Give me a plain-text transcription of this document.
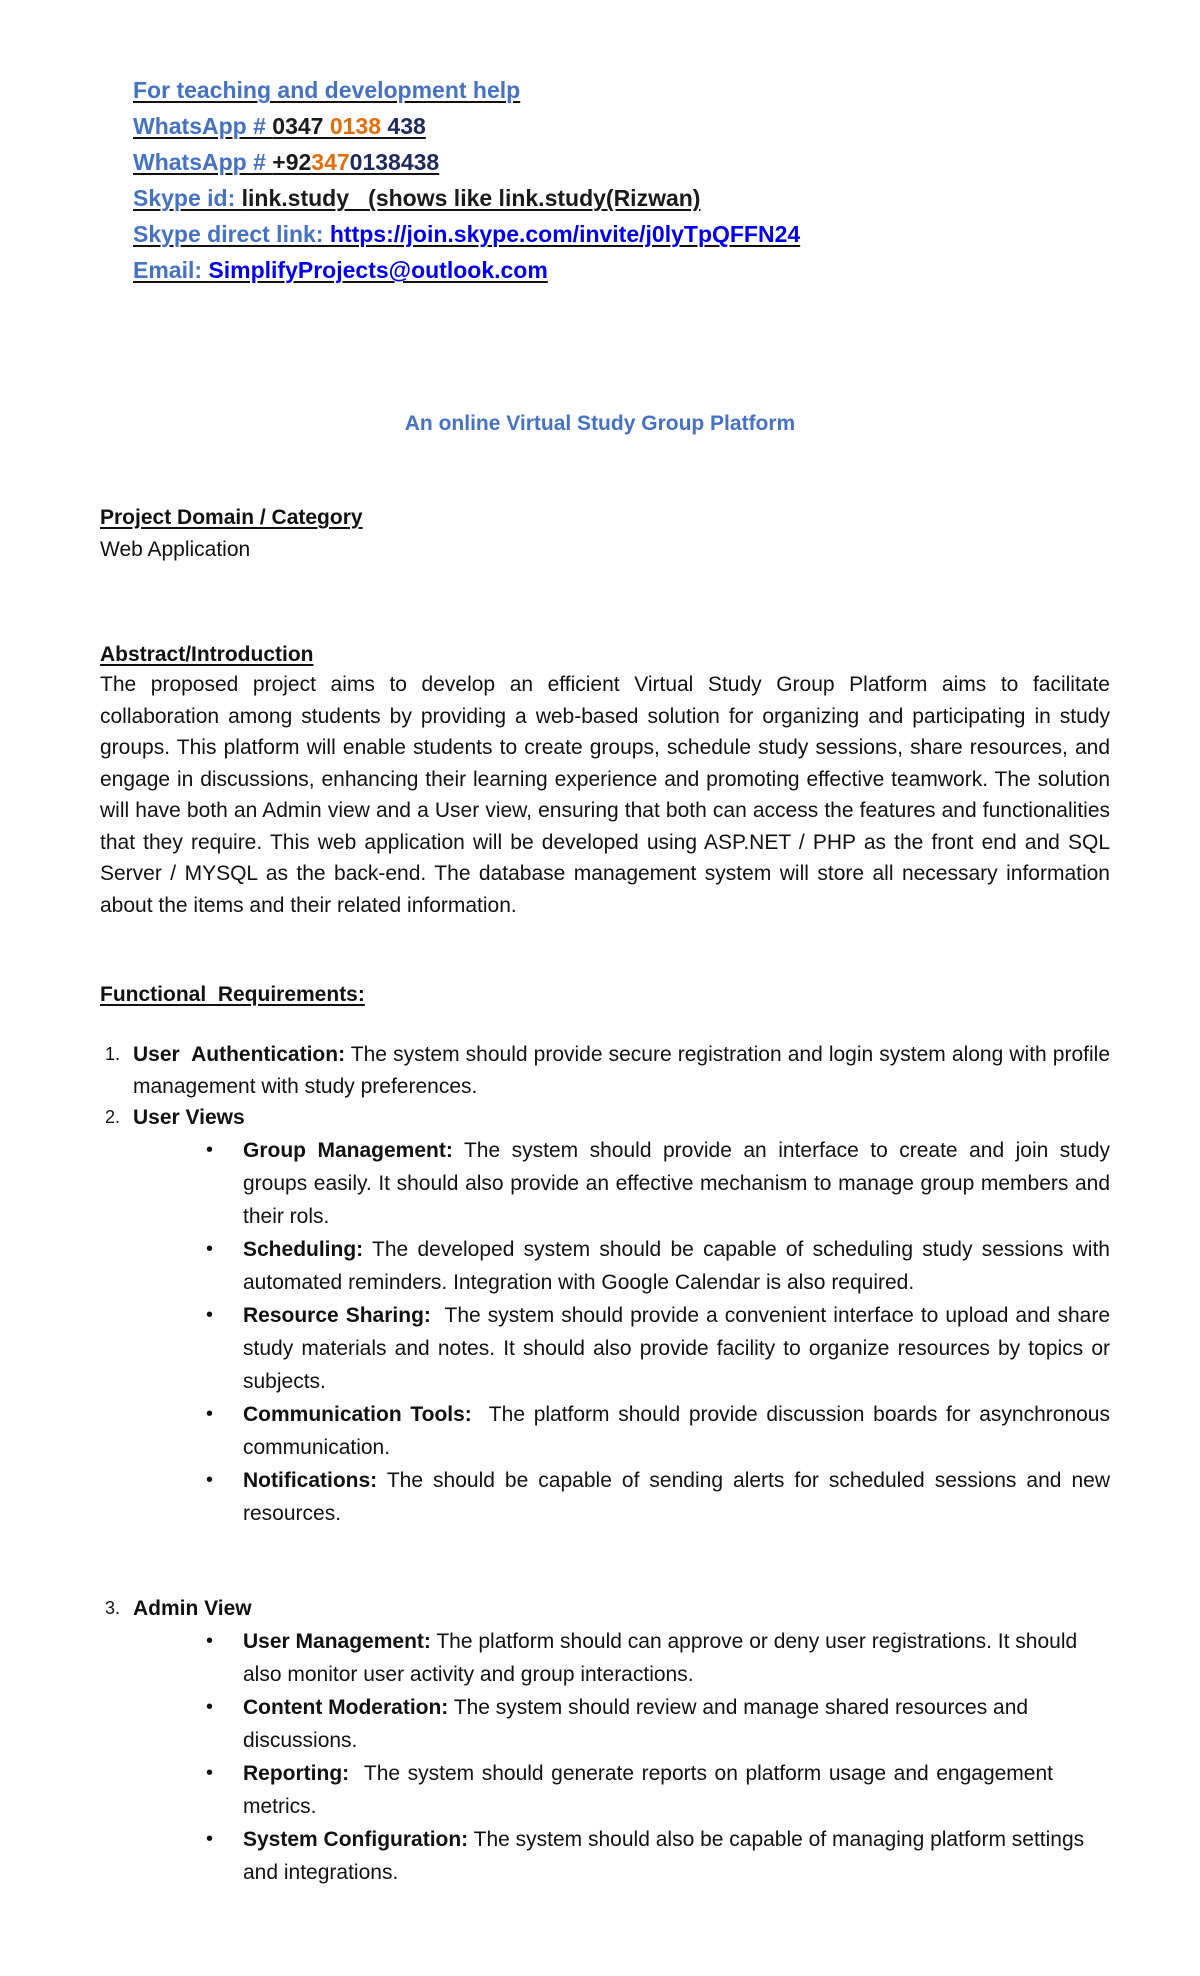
For teaching and development help
WhatsApp # 0347 0138 438
WhatsApp # +923470138438
Skype id: link.study   (shows like link.study(Rizwan)
Skype direct link: https://join.skype.com/invite/j0lyTpQFFN24
Email: SimplifyProjects@outlook.com
An online Virtual Study Group Platform
Project Domain / Category
Web Application
Abstract/Introduction
The proposed project aims to develop an efficient Virtual Study Group Platform aims to facilitate collaboration among students by providing a web-based solution for organizing and participating in study groups. This platform will enable students to create groups, schedule study sessions, share resources, and engage in discussions, enhancing their learning experience and promoting effective teamwork. The solution will have both an Admin view and a User view, ensuring that both can access the features and functionalities that they require. This web application will be developed using ASP.NET / PHP as the front end and SQL Server / MYSQL as the back-end. The database management system will store all necessary information about the items and their related information.
Functional  Requirements:
1. User  Authentication: The system should provide secure registration and login system along with profile management with study preferences.
2. User Views
• Group Management: The system should provide an interface to create and join study groups easily. It should also provide an effective mechanism to manage group members and their rols.
• Scheduling: The developed system should be capable of scheduling study sessions with automated reminders. Integration with Google Calendar is also required.
• Resource Sharing:  The system should provide a convenient interface to upload and share study materials and notes. It should also provide facility to organize resources by topics or subjects.
• Communication Tools:  The platform should provide discussion boards for asynchronous communication.
• Notifications: The should be capable of sending alerts for scheduled sessions and new resources.
3. Admin View
• User Management: The platform should can approve or deny user registrations. It should also monitor user activity and group interactions.
• Content Moderation: The system should review and manage shared resources and discussions.
• Reporting:  The system should generate reports on platform usage and engagement metrics.
• System Configuration: The system should also be capable of managing platform settings and integrations.
